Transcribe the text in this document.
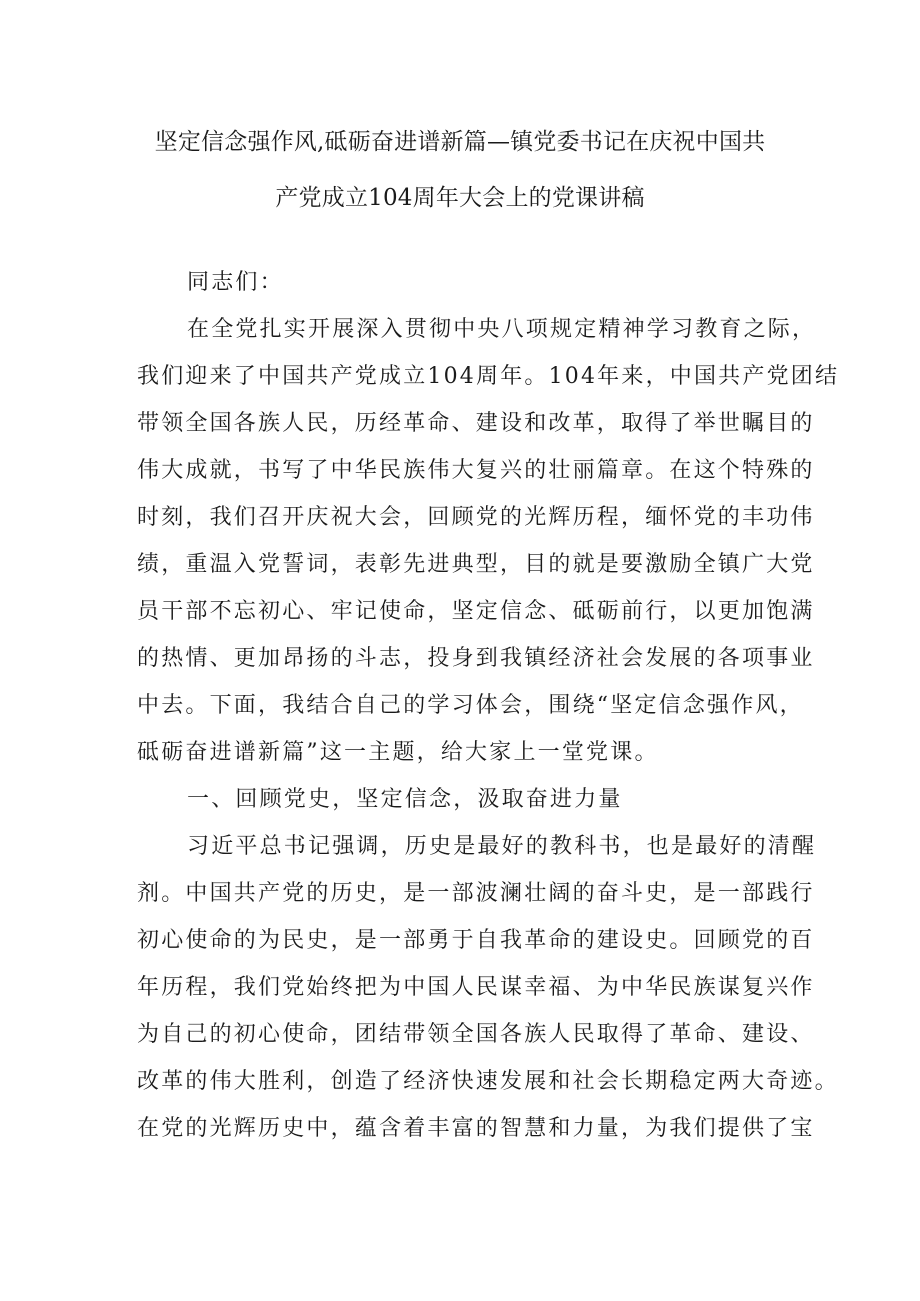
坚定信念强作风,砥砺奋进谱新篇—镇党委书记在庆祝中国共
产党成立104周年大会上的党课讲稿
同志们：
在全党扎实开展深入贯彻中央八项规定精神学习教育之际，
我们迎来了中国共产党成立104周年。104年来，中国共产党团结
带领全国各族人民，历经革命、建设和改革，取得了举世瞩目的
伟大成就，书写了中华民族伟大复兴的壮丽篇章。在这个特殊的
时刻，我们召开庆祝大会，回顾党的光辉历程，缅怀党的丰功伟
绩，重温入党誓词，表彰先进典型，目的就是要激励全镇广大党
员干部不忘初心、牢记使命，坚定信念、砥砺前行，以更加饱满
的热情、更加昂扬的斗志，投身到我镇经济社会发展的各项事业
中去。下面，我结合自己的学习体会，围绕“坚定信念强作风，
砥砺奋进谱新篇”这一主题，给大家上一堂党课。
一、回顾党史，坚定信念，汲取奋进力量
习近平总书记强调，历史是最好的教科书，也是最好的清醒
剂。中国共产党的历史，是一部波澜壮阔的奋斗史，是一部践行
初心使命的为民史，是一部勇于自我革命的建设史。回顾党的百
年历程，我们党始终把为中国人民谋幸福、为中华民族谋复兴作
为自己的初心使命，团结带领全国各族人民取得了革命、建设、
改革的伟大胜利，创造了经济快速发展和社会长期稳定两大奇迹。
在党的光辉历史中，蕴含着丰富的智慧和力量，为我们提供了宝
